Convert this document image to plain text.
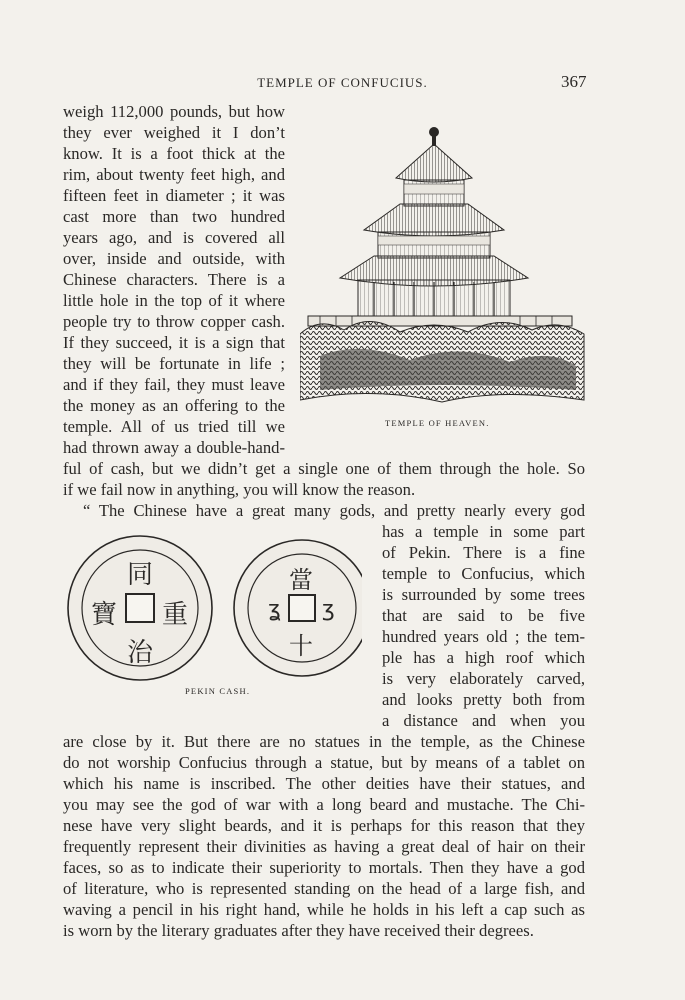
TEMPLE OF CONFUCIUS.	367
weigh 112,000 pounds, but how
they ever weighed it I don’t
know. It is a foot thick at the
rim, about twenty feet high, and
fifteen feet in diameter ; it was
cast more than two hundred
years ago, and is covered all
over, inside and outside, with
Chinese characters. There is a
little hole in the top of it where
people try to throw copper cash.
If they succeed, it is a sign that
they will be fortunate in life ;
and if they fail, they must leave
the money as an offering to the
temple. All of us tried till we
had thrown away a double-hand-
ful of cash, but we didn’t get a single one of them through the hole. So
if we fail now in anything, you will know the reason.
“ The Chinese have a great many gods, and pretty nearly every god
has a temple in some part
of Pekin. There is a fine
temple to Confucius, which
is surrounded by some trees
that are said to be five
hundred years old ; the tem-
ple has a high roof which
is very elaborately carved,
and looks pretty both from
a distance and when you
are close by it. But there are no statues in the temple, as the Chinese
do not worship Confucius through a statue, but by means of a tablet on
which his name is inscribed. The other deities have their statues, and
you may see the god of war with a long beard and mustache. The Chi-
nese have very slight beards, and it is perhaps for this reason that they
frequently represent their divinities as having a great deal of hair on their
faces, so as to indicate their superiority to mortals. Then they have a god
of literature, who is represented standing on the head of a large fish, and
waving a pencil in his right hand, while he holds in his left a cap such as
is worn by the literary graduates after they have received their degrees.
TEMPLE OF HEAVEN.
ʓ ʒ
同
寶 重
治
當
十
PEKIN CASH.
